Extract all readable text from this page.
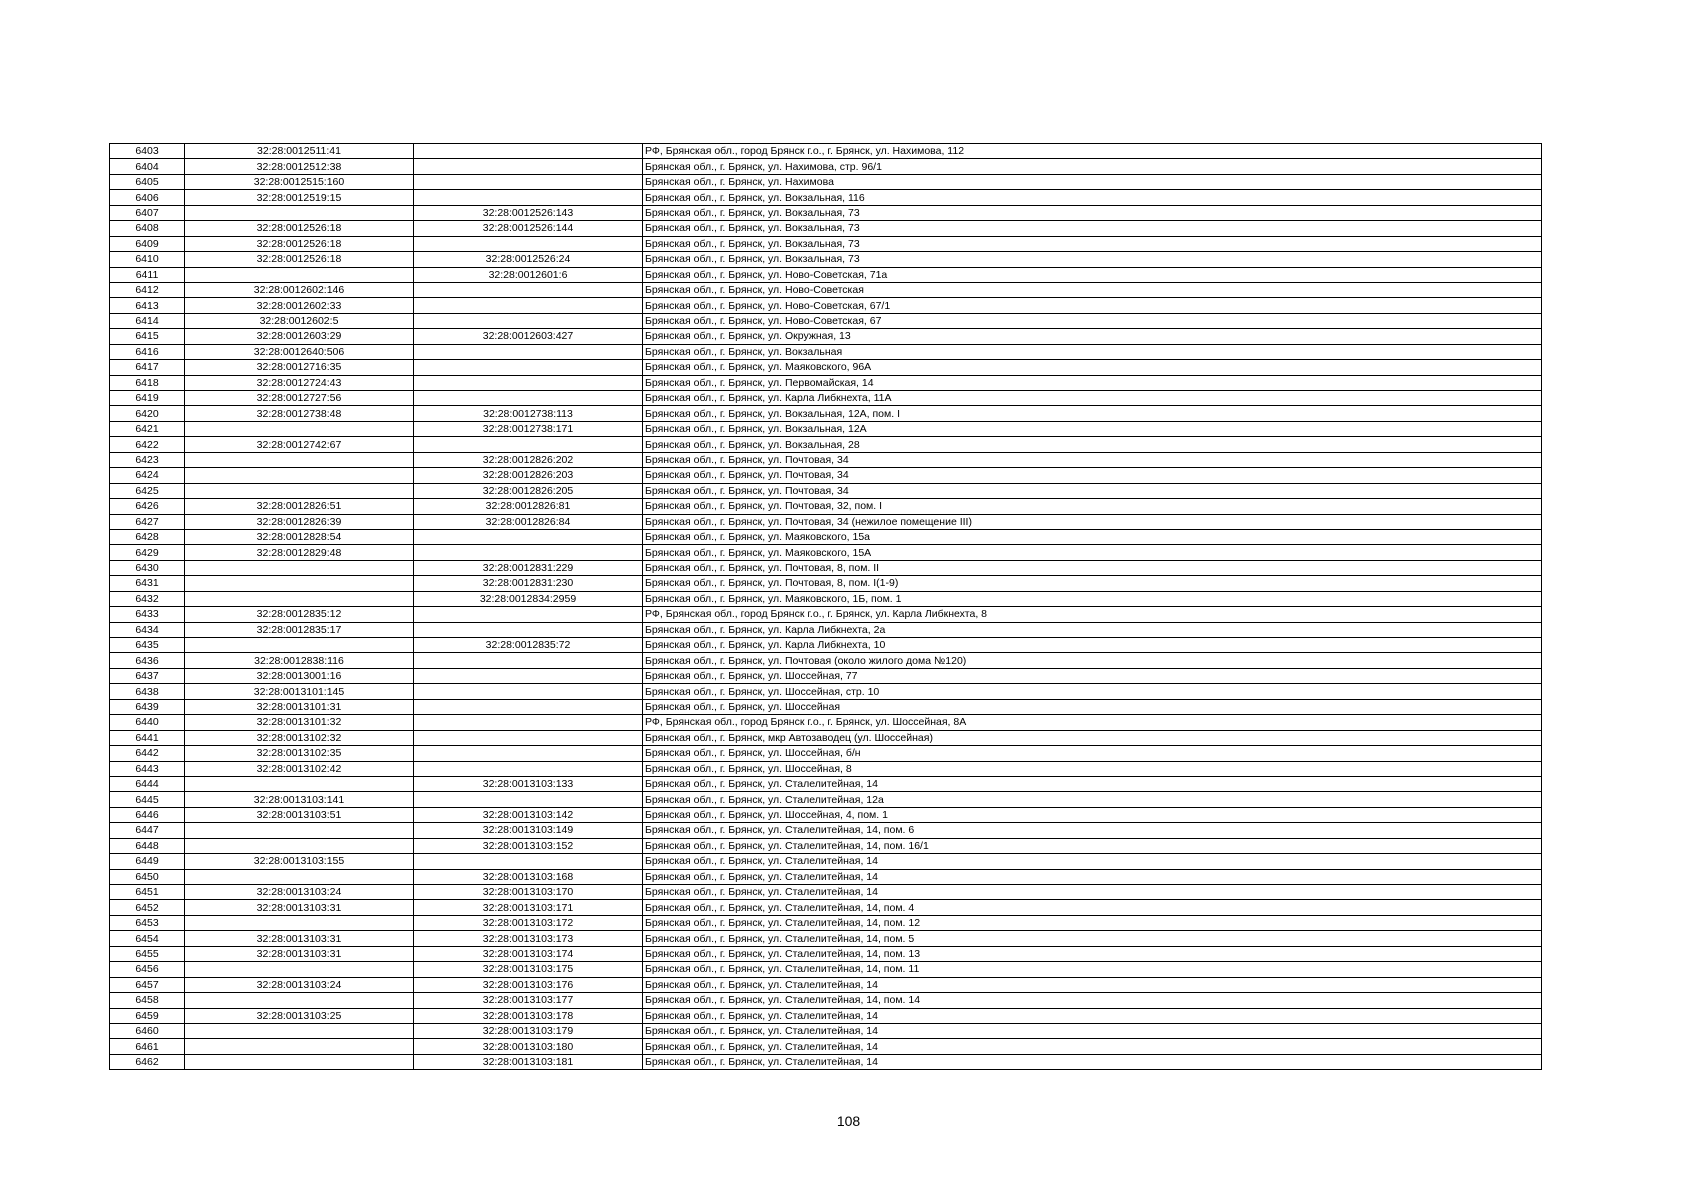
6403	32:28:0012511:41		РФ, Брянская обл., город Брянск г.о., г. Брянск, ул. Нахимова, 112
6404	32:28:0012512:38		Брянская обл., г. Брянск, ул. Нахимова, стр. 96/1
6405	32:28:0012515:160		Брянская обл., г. Брянск, ул. Нахимова
6406	32:28:0012519:15		Брянская обл., г. Брянск, ул. Вокзальная, 116
6407		32:28:0012526:143	Брянская обл., г. Брянск, ул. Вокзальная, 73
6408	32:28:0012526:18	32:28:0012526:144	Брянская обл., г. Брянск, ул. Вокзальная, 73
6409	32:28:0012526:18		Брянская обл., г. Брянск, ул. Вокзальная, 73
6410	32:28:0012526:18	32:28:0012526:24	Брянская обл., г. Брянск, ул. Вокзальная, 73
6411		32:28:0012601:6	Брянская обл., г. Брянск, ул. Ново-Советская, 71а
6412	32:28:0012602:146		Брянская обл., г. Брянск, ул. Ново-Советская
6413	32:28:0012602:33		Брянская обл., г. Брянск, ул. Ново-Советская, 67/1
6414	32:28:0012602:5		Брянская обл., г. Брянск, ул. Ново-Советская, 67
6415	32:28:0012603:29	32:28:0012603:427	Брянская обл., г. Брянск, ул. Окружная, 13
6416	32:28:0012640:506		Брянская обл., г. Брянск, ул. Вокзальная
6417	32:28:0012716:35		Брянская обл., г. Брянск, ул. Маяковского, 96А
6418	32:28:0012724:43		Брянская обл., г. Брянск, ул. Первомайская, 14
6419	32:28:0012727:56		Брянская обл., г. Брянск, ул. Карла Либкнехта, 11А
6420	32:28:0012738:48	32:28:0012738:113	Брянская обл., г. Брянск, ул. Вокзальная, 12А, пом. I
6421		32:28:0012738:171	Брянская обл., г. Брянск, ул. Вокзальная, 12А
6422	32:28:0012742:67		Брянская обл., г. Брянск, ул. Вокзальная, 28
6423		32:28:0012826:202	Брянская обл., г. Брянск, ул. Почтовая, 34
6424		32:28:0012826:203	Брянская обл., г. Брянск, ул. Почтовая, 34
6425		32:28:0012826:205	Брянская обл., г. Брянск, ул. Почтовая, 34
6426	32:28:0012826:51	32:28:0012826:81	Брянская обл., г. Брянск, ул. Почтовая, 32, пом. I
6427	32:28:0012826:39	32:28:0012826:84	Брянская обл., г. Брянск, ул. Почтовая, 34 (нежилое помещение III)
6428	32:28:0012828:54		Брянская обл., г. Брянск, ул. Маяковского, 15а
6429	32:28:0012829:48		Брянская обл., г. Брянск, ул. Маяковского, 15А
6430		32:28:0012831:229	Брянская обл., г. Брянск, ул. Почтовая, 8, пом. II
6431		32:28:0012831:230	Брянская обл., г. Брянск, ул. Почтовая, 8, пом. I(1-9)
6432		32:28:0012834:2959	Брянская обл., г. Брянск, ул. Маяковского, 1Б, пом. 1
6433	32:28:0012835:12		РФ, Брянская обл., город Брянск г.о., г. Брянск, ул. Карла Либкнехта, 8
6434	32:28:0012835:17		Брянская обл., г. Брянск, ул. Карла Либкнехта, 2а
6435		32:28:0012835:72	Брянская обл., г. Брянск, ул. Карла Либкнехта, 10
6436	32:28:0012838:116		Брянская обл., г. Брянск, ул. Почтовая (около жилого дома №120)
6437	32:28:0013001:16		Брянская обл., г. Брянск, ул. Шоссейная, 77
6438	32:28:0013101:145		Брянская обл., г. Брянск, ул. Шоссейная, стр. 10
6439	32:28:0013101:31		Брянская обл., г. Брянск, ул. Шоссейная
6440	32:28:0013101:32		РФ, Брянская обл., город Брянск г.о., г. Брянск, ул. Шоссейная, 8А
6441	32:28:0013102:32		Брянская обл., г. Брянск, мкр Автозаводец (ул. Шоссейная)
6442	32:28:0013102:35		Брянская обл., г. Брянск, ул. Шоссейная, б/н
6443	32:28:0013102:42		Брянская обл., г. Брянск, ул. Шоссейная, 8
6444		32:28:0013103:133	Брянская обл., г. Брянск, ул. Сталелитейная, 14
6445	32:28:0013103:141		Брянская обл., г. Брянск, ул. Сталелитейная, 12а
6446	32:28:0013103:51	32:28:0013103:142	Брянская обл., г. Брянск, ул. Шоссейная, 4, пом. 1
6447		32:28:0013103:149	Брянская обл., г. Брянск, ул. Сталелитейная, 14, пом. 6
6448		32:28:0013103:152	Брянская обл., г. Брянск, ул. Сталелитейная, 14, пом. 16/1
6449	32:28:0013103:155		Брянская обл., г. Брянск, ул. Сталелитейная, 14
6450		32:28:0013103:168	Брянская обл., г. Брянск, ул. Сталелитейная, 14
6451	32:28:0013103:24	32:28:0013103:170	Брянская обл., г. Брянск, ул. Сталелитейная, 14
6452	32:28:0013103:31	32:28:0013103:171	Брянская обл., г. Брянск, ул. Сталелитейная, 14, пом. 4
6453		32:28:0013103:172	Брянская обл., г. Брянск, ул. Сталелитейная, 14, пом. 12
6454	32:28:0013103:31	32:28:0013103:173	Брянская обл., г. Брянск, ул. Сталелитейная, 14, пом. 5
6455	32:28:0013103:31	32:28:0013103:174	Брянская обл., г. Брянск, ул. Сталелитейная, 14, пом. 13
6456		32:28:0013103:175	Брянская обл., г. Брянск, ул. Сталелитейная, 14, пом. 11
6457	32:28:0013103:24	32:28:0013103:176	Брянская обл., г. Брянск, ул. Сталелитейная, 14
6458		32:28:0013103:177	Брянская обл., г. Брянск, ул. Сталелитейная, 14, пом. 14
6459	32:28:0013103:25	32:28:0013103:178	Брянская обл., г. Брянск, ул. Сталелитейная, 14
6460		32:28:0013103:179	Брянская обл., г. Брянск, ул. Сталелитейная, 14
6461		32:28:0013103:180	Брянская обл., г. Брянск, ул. Сталелитейная, 14
6462		32:28:0013103:181	Брянская обл., г. Брянск, ул. Сталелитейная, 14
108
